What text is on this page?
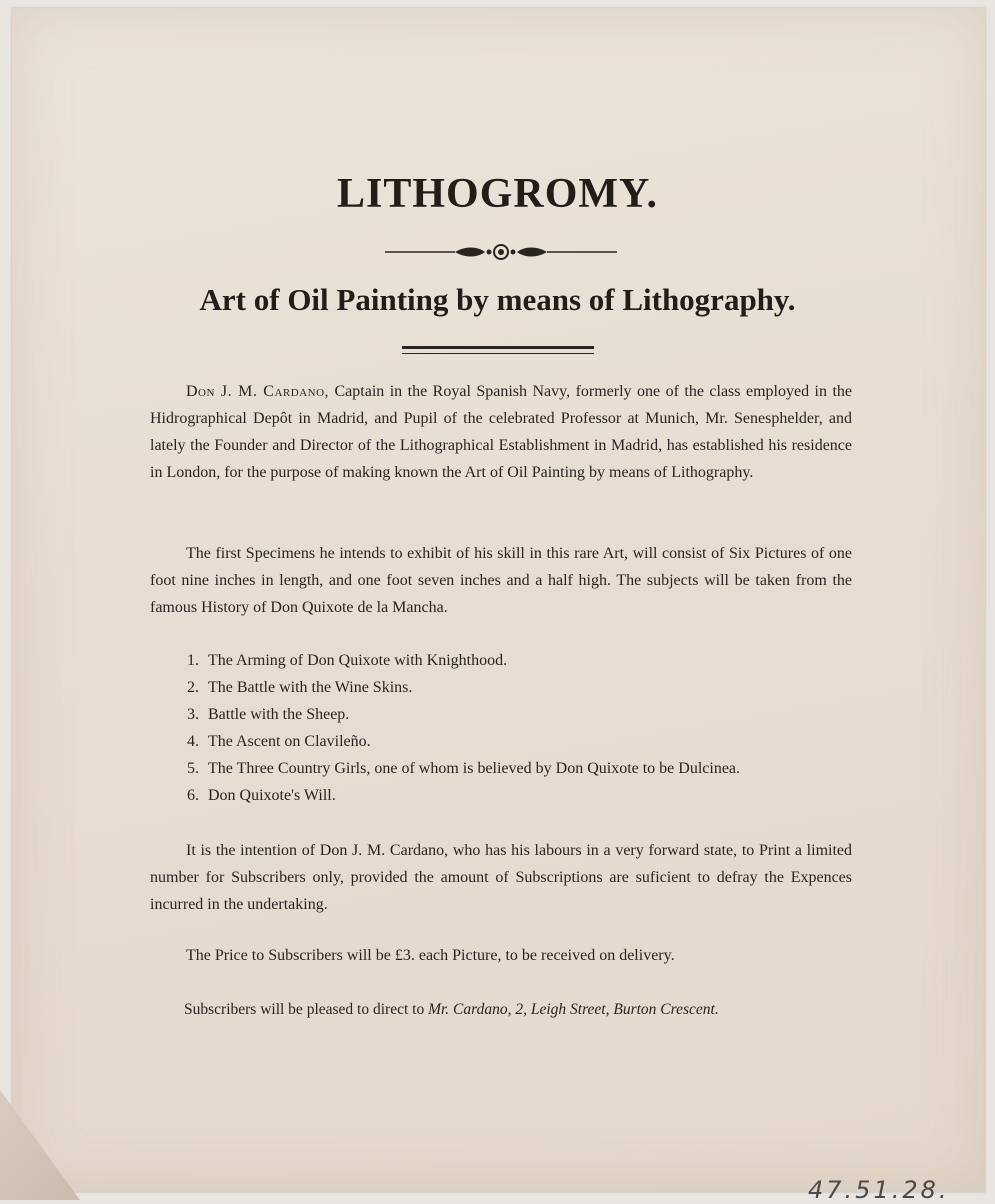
LITHOGROMY.
Art of Oil Painting by means of Lithography.

Don J. M. Cardano, Captain in the Royal Spanish Navy, formerly one of the class employed in the Hidrographical Depôt in Madrid, and Pupil of the celebrated Professor at Munich, Mr. Senesphelder, and lately the Founder and Director of the Lithographical Establishment in Madrid, has established his residence in London, for the purpose of making known the Art of Oil Painting by means of Lithography.

The first Specimens he intends to exhibit of his skill in this rare Art, will consist of Six Pictures of one foot nine inches in length, and one foot seven inches and a half high. The subjects will be taken from the famous History of Don Quixote de la Mancha.

1. The Arming of Don Quixote with Knighthood.
2. The Battle with the Wine Skins.
3. Battle with the Sheep.
4. The Ascent on Clavileño.
5. The Three Country Girls, one of whom is believed by Don Quixote to be Dulcinea.
6. Don Quixote's Will.

It is the intention of Don J. M. Cardano, who has his labours in a very forward state, to Print a limited number for Subscribers only, provided the amount of Subscriptions are suficient to defray the Expences incurred in the undertaking.

The Price to Subscribers will be £3. each Picture, to be received on delivery.

Subscribers will be pleased to direct to Mr. Cardano, 2, Leigh Street, Burton Crescent.

47.51.28.
